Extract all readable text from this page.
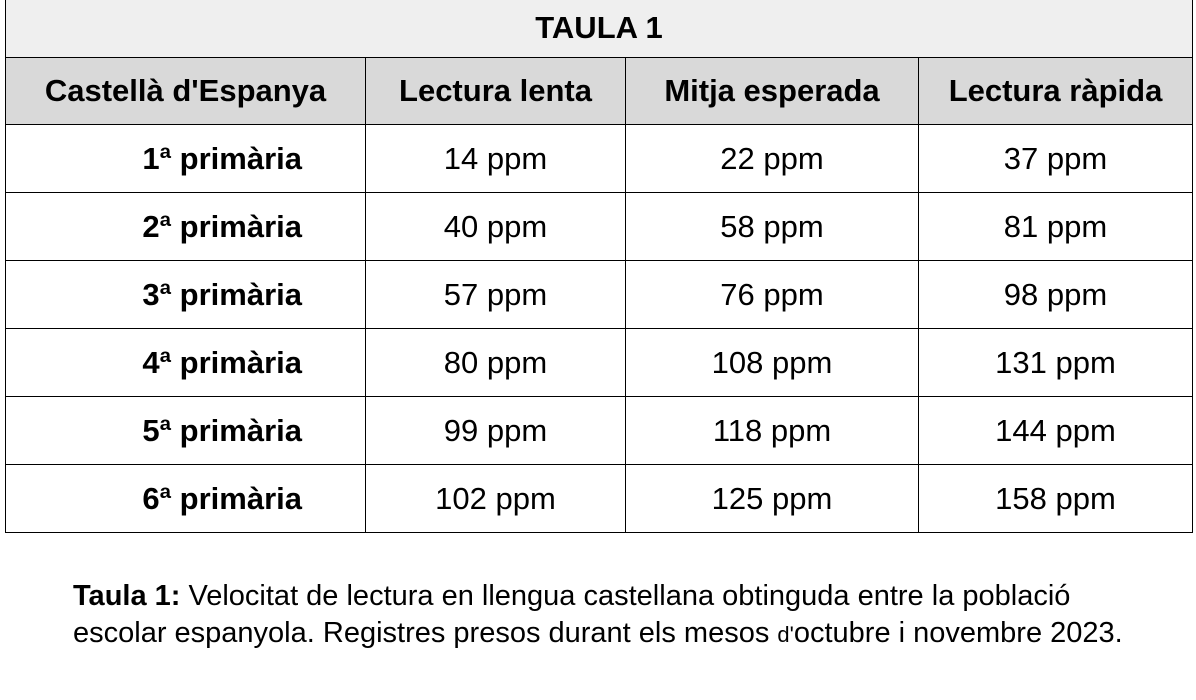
TAULA 1			
Castellà d'Espanya	Lectura lenta	Mitja esperada	Lectura ràpida
1ª primària	14 ppm	22 ppm	37 ppm
2ª primària	40 ppm	58 ppm	81 ppm
3ª primària	57 ppm	76 ppm	98 ppm
4ª primària	80 ppm	108 ppm	131 ppm
5ª primària	99 ppm	118 ppm	144 ppm
6ª primària	102 ppm	125 ppm	158 ppm
Taula 1: Velocitat de lectura en llengua castellana obtinguda entre la població escolar espanyola. Registres presos durant els mesos d'octubre i novembre 2023.
